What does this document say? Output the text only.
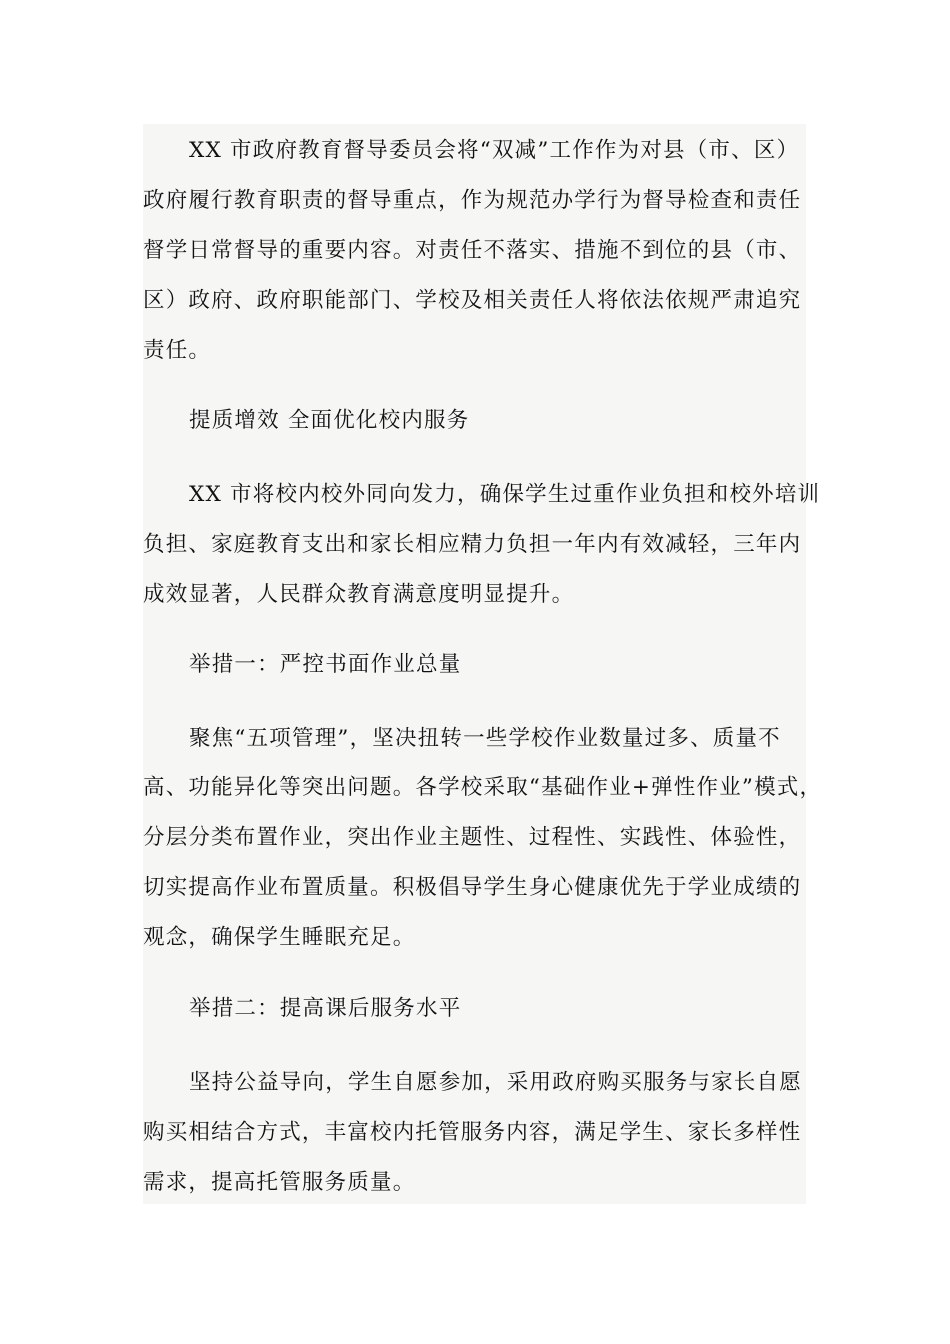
XX 市政府教育督导委员会将“双减”工作作为对县（市、区）
政府履行教育职责的督导重点，作为规范办学行为督导检查和责任
督学日常督导的重要内容。对责任不落实、措施不到位的县（市、
区）政府、政府职能部门、学校及相关责任人将依法依规严肃追究
责任。
提质增效 全面优化校内服务
XX 市将校内校外同向发力，确保学生过重作业负担和校外培训
负担、家庭教育支出和家长相应精力负担一年内有效减轻，三年内
成效显著，人民群众教育满意度明显提升。
举措一：严控书面作业总量
聚焦“五项管理”，坚决扭转一些学校作业数量过多、质量不
高、功能异化等突出问题。各学校采取“基础作业+弹性作业”模式，
分层分类布置作业，突出作业主题性、过程性、实践性、体验性，
切实提高作业布置质量。积极倡导学生身心健康优先于学业成绩的
观念，确保学生睡眠充足。
举措二：提高课后服务水平
坚持公益导向，学生自愿参加，采用政府购买服务与家长自愿
购买相结合方式，丰富校内托管服务内容，满足学生、家长多样性
需求，提高托管服务质量。
